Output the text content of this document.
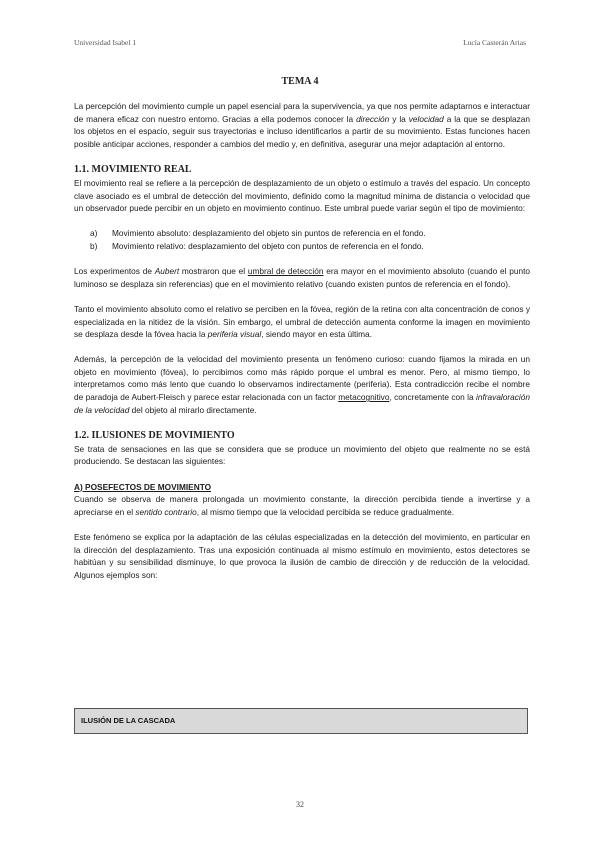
Universidad Isabel 1	Lucía Casterán Arias
TEMA 4

La percepción del movimiento cumple un papel esencial para la supervivencia, ya que nos permite adaptarnos e interactuar de manera eficaz con nuestro entorno. Gracias a ella podemos conocer la dirección y la velocidad a la que se desplazan los objetos en el espacio, seguir sus trayectorias e incluso identificarlos a partir de su movimiento. Estas funciones hacen posible anticipar acciones, responder a cambios del medio y, en definitiva, asegurar una mejor adaptación al entorno.

1.1. MOVIMIENTO REAL

El movimiento real se refiere a la percepción de desplazamiento de un objeto o estímulo a través del espacio. Un concepto clave asociado es el umbral de detección del movimiento, definido como la magnitud mínima de distancia o velocidad que un observador puede percibir en un objeto en movimiento continuo. Este umbral puede variar según el tipo de movimiento:

a) Movimiento absoluto: desplazamiento del objeto sin puntos de referencia en el fondo.
b) Movimiento relativo: desplazamiento del objeto con puntos de referencia en el fondo.

Los experimentos de Aubert mostraron que el umbral de detección era mayor en el movimiento absoluto (cuando el punto luminoso se desplaza sin referencias) que en el movimiento relativo (cuando existen puntos de referencia en el fondo).

Tanto el movimiento absoluto como el relativo se perciben en la fóvea, región de la retina con alta concentración de conos y especializada en la nitidez de la visión. Sin embargo, el umbral de detección aumenta conforme la imagen en movimiento se desplaza desde la fóvea hacia la periferia visual, siendo mayor en esta última.

Además, la percepción de la velocidad del movimiento presenta un fenómeno curioso: cuando fijamos la mirada en un objeto en movimiento (fóvea), lo percibimos como más rápido porque el umbral es menor. Pero, al mismo tiempo, lo interpretamos como más lento que cuando lo observamos indirectamente (periferia). Esta contradicción recibe el nombre de paradoja de Aubert-Fleisch y parece estar relacionada con un factor metacognitivo, concretamente con la infravaloración de la velocidad del objeto al mirarlo directamente.

1.2. ILUSIONES DE MOVIMIENTO

Se trata de sensaciones en las que se considera que se produce un movimiento del objeto que realmente no se está produciendo. Se destacan las siguientes:

A) POSEFECTOS DE MOVIMIENTO

Cuando se observa de manera prolongada un movimiento constante, la dirección percibida tiende a invertirse y a apreciarse en el sentido contrario, al mismo tiempo que la velocidad percibida se reduce gradualmente.

Este fenómeno se explica por la adaptación de las células especializadas en la detección del movimiento, en particular en la dirección del desplazamiento. Tras una exposición continuada al mismo estímulo en movimiento, estos detectores se habitúan y su sensibilidad disminuye, lo que provoca la ilusión de cambio de dirección y de reducción de la velocidad. Algunos ejemplos son:

ILUSIÓN DE LA CASCADA
32
